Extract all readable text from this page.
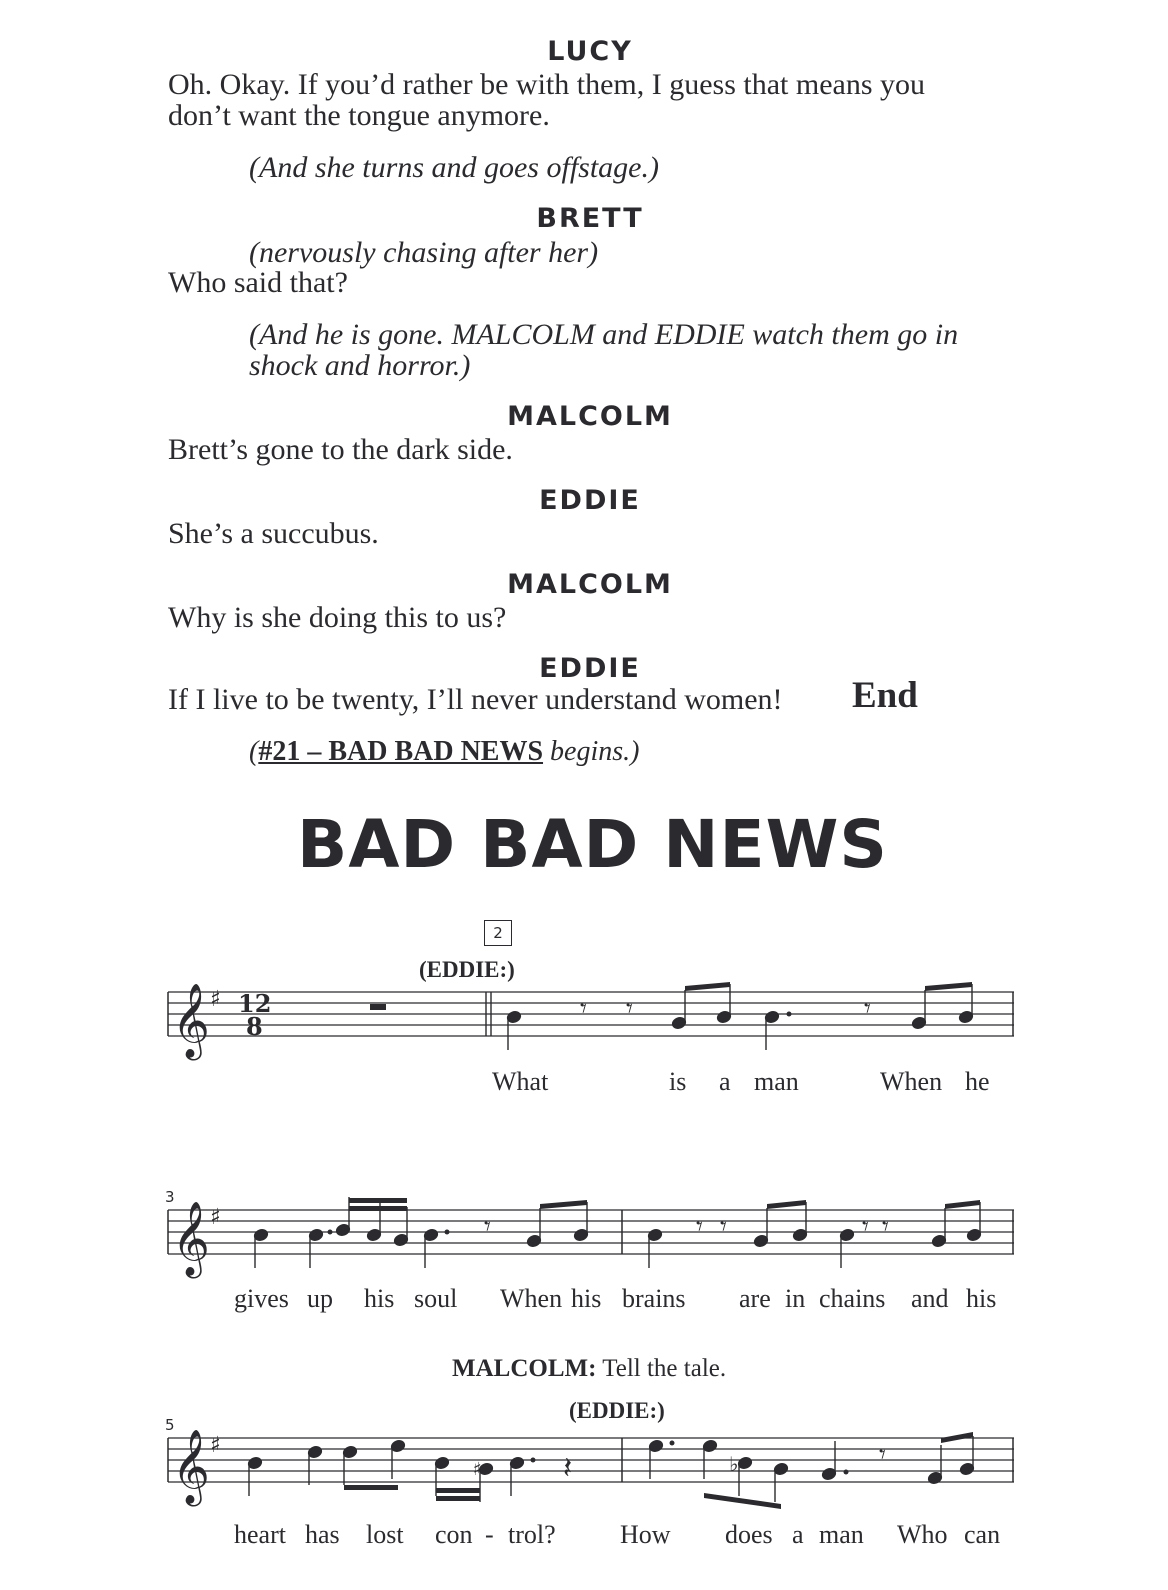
LUCY
Oh. Okay. If you’d rather be with them, I guess that means you
don’t want the tongue anymore.
(And she turns and goes offstage.)
BRETT
(nervously chasing after her)
Who said that?
(And he is gone. MALCOLM and EDDIE watch them go in
shock and horror.)
MALCOLM
Brett’s gone to the dark side.
EDDIE
She’s a succubus.
MALCOLM
Why is she doing this to us?
EDDIE
If I live to be twenty, I’ll never understand women! End
(#21 – BAD BAD NEWS begins.)
BAD BAD NEWS
2
(EDDIE:)
3
MALCOLM: Tell the tale.
(EDDIE:)
5
What	is a man	When he
gives up his soul When his brains are in chains and his
heart has lost con - trol? How does a man Who can
𝄞 ♯ 12
8
𝄾 𝄾	𝄾
𝄞 ♯	𝄾	𝄾 𝄾	𝄾 𝄾
𝄞 ♯
♯	𝄽	♭	𝄾
